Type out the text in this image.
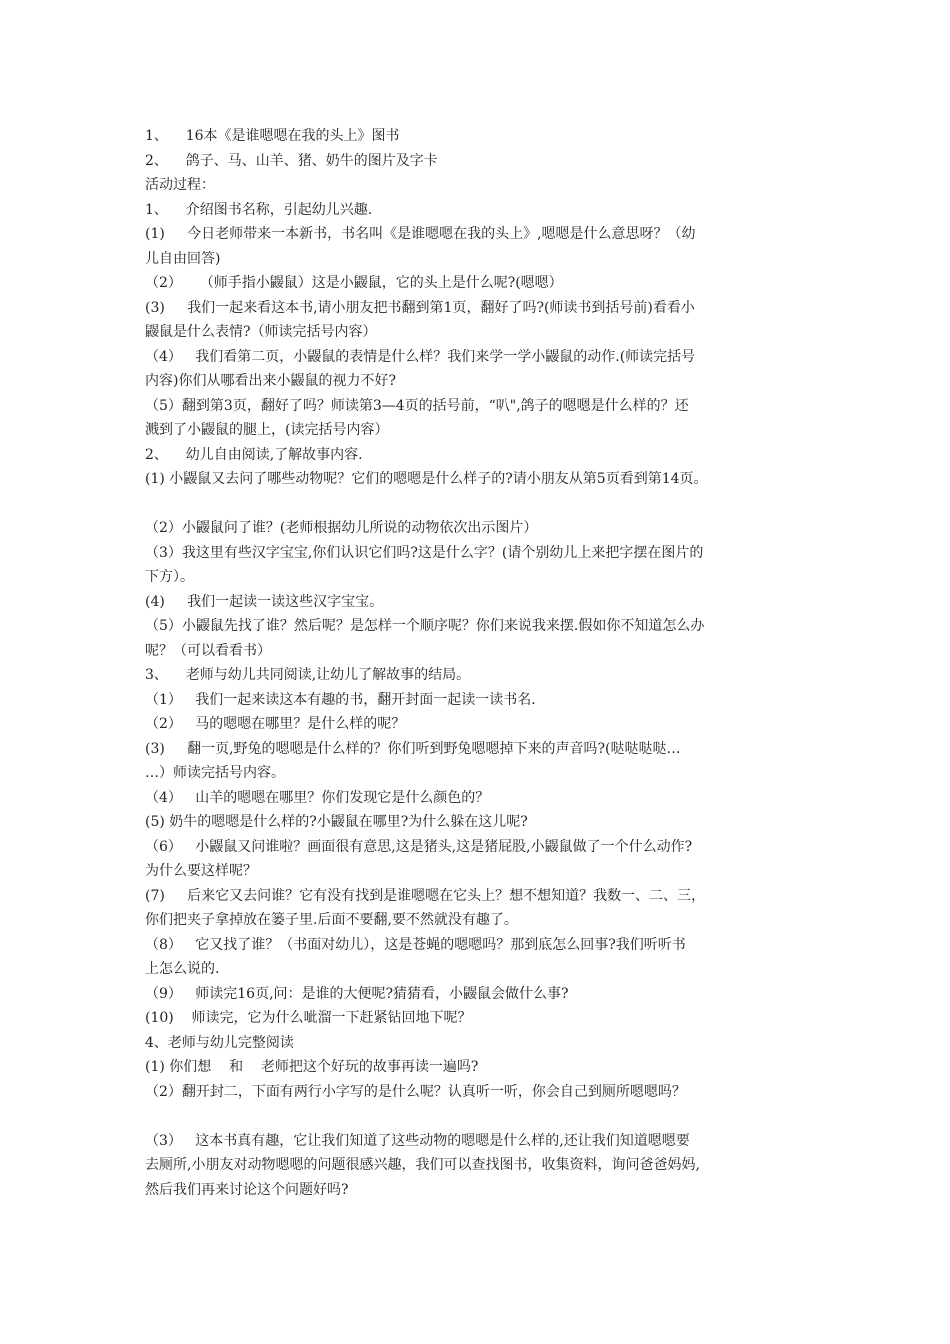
1、    16本《是谁嗯嗯在我的头上》图书
2、    鸽子、马、山羊、猪、奶牛的图片及字卡
活动过程：
1、    介绍图书名称，引起幼儿兴趣.
(1)     今日老师带来一本新书，书名叫《是谁嗯嗯在我的头上》,嗯嗯是什么意思呀？（幼
儿自由回答)
（2）    （师手指小鼹鼠）这是小鼹鼠，它的头上是什么呢?(嗯嗯）
(3)     我们一起来看这本书,请小朋友把书翻到第1页，翻好了吗?(师读书到括号前)看看小
鼹鼠是什么表情?（师读完括号内容）
（4）   我们看第二页，小鼹鼠的表情是什么样？我们来学一学小鼹鼠的动作.(师读完括号
内容)你们从哪看出来小鼹鼠的视力不好?
（5）翻到第3页，翻好了吗？师读第3—4页的括号前，“叭",鸽子的嗯嗯是什么样的？还
溅到了小鼹鼠的腿上，(读完括号内容）
2、    幼儿自由阅读,了解故事内容.
(1) 小鼹鼠又去问了哪些动物呢？它们的嗯嗯是什么样子的?请小朋友从第5页看到第14页。
（2）小鼹鼠问了谁？(老师根据幼儿所说的动物依次出示图片）
（3）我这里有些汉字宝宝,你们认识它们吗?这是什么字？(请个别幼儿上来把字摆在图片的
下方）。
(4)     我们一起读一读这些汉字宝宝。
（5）小鼹鼠先找了谁？然后呢？是怎样一个顺序呢？你们来说我来摆.假如你不知道怎么办
呢？（可以看看书）
3、    老师与幼儿共同阅读,让幼儿了解故事的结局。
（1）   我们一起来读这本有趣的书，翻开封面一起读一读书名.
（2）   马的嗯嗯在哪里？是什么样的呢？
(3)     翻一页,野兔的嗯嗯是什么样的？你们听到野兔嗯嗯掉下来的声音吗?(哒哒哒哒…
…）师读完括号内容。
（4）   山羊的嗯嗯在哪里？你们发现它是什么颜色的？
(5) 奶牛的嗯嗯是什么样的?小鼹鼠在哪里?为什么躲在这儿呢?
（6）   小鼹鼠又问谁啦？画面很有意思,这是猪头,这是猪屁股,小鼹鼠做了一个什么动作?
为什么要这样呢？
(7)     后来它又去问谁？它有没有找到是谁嗯嗯在它头上？想不想知道？我数一、二、三，
你们把夹子拿掉放在篓子里.后面不要翻,要不然就没有趣了。
（8）   它又找了谁？（书面对幼儿），这是苍蝇的嗯嗯吗？那到底怎么回事?我们听听书
上怎么说的.
（9）   师读完16页,问：是谁的大便呢?猜猜看，小鼹鼠会做什么事?
(10)    师读完，它为什么呲溜一下赶紧钻回地下呢？
4、老师与幼儿完整阅读
(1) 你们想    和    老师把这个好玩的故事再读一遍吗?
（2）翻开封二，下面有两行小字写的是什么呢？认真听一听，你会自己到厕所嗯嗯吗？
（3）   这本书真有趣，它让我们知道了这些动物的嗯嗯是什么样的,还让我们知道嗯嗯要
去厕所,小朋友对动物嗯嗯的问题很感兴趣，我们可以查找图书，收集资料，询问爸爸妈妈,
然后我们再来讨论这个问题好吗?
